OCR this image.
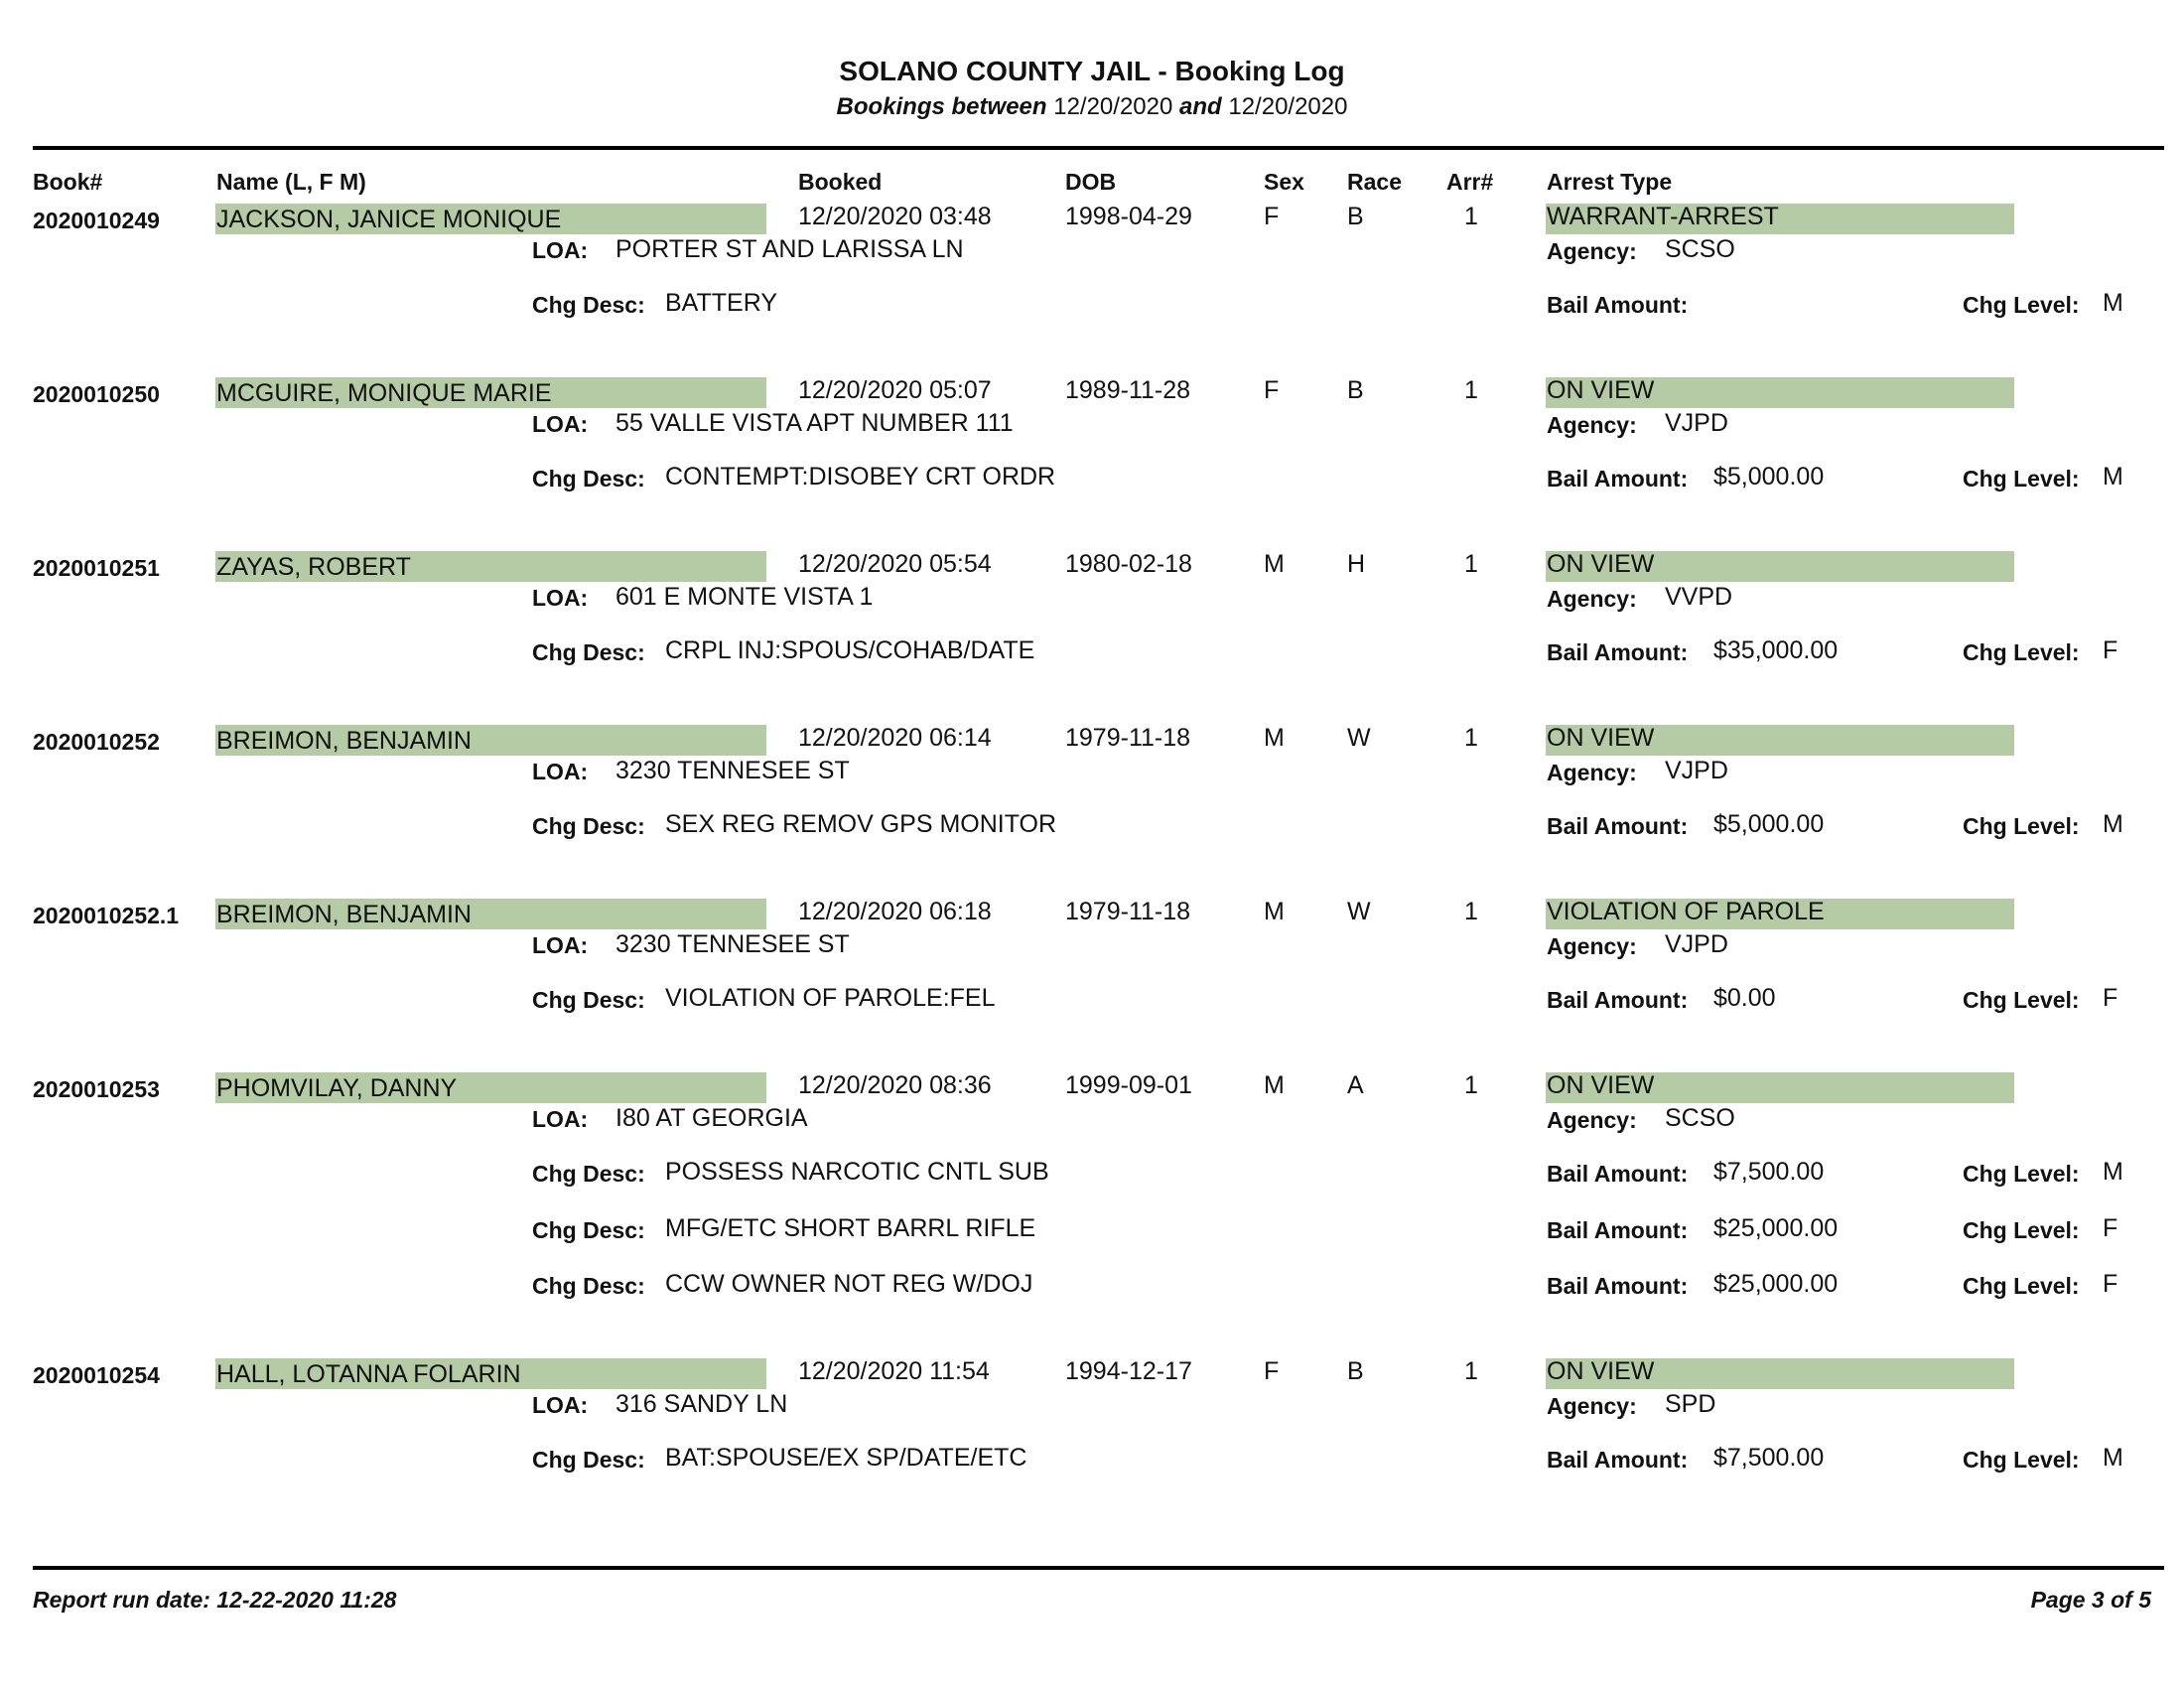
SOLANO COUNTY JAIL - Booking Log
Bookings between 12/20/2020 and 12/20/2020
Book#	Name (L, F M)	Booked	DOB	Sex Race Arr# Arrest Type
2020010249 JACKSON, JANICE MONIQUE	12/20/2020 03:48	1998-04-29	F	B	1	WARRANT-ARREST
LOA: PORTER ST AND LARISSA LN	Agency: SCSO
Chg Desc: BATTERY	Bail Amount:	Chg Level: M
2020010250 MCGUIRE, MONIQUE MARIE	12/20/2020 05:07	1989-11-28	F	B	1	ON VIEW
LOA: 55 VALLE VISTA APT NUMBER 111	Agency: VJPD
Chg Desc: CONTEMPT:DISOBEY CRT ORDR	Bail Amount: $5,000.00	Chg Level: M
2020010251 ZAYAS, ROBERT	12/20/2020 05:54	1980-02-18	M	H	1	ON VIEW
LOA: 601 E MONTE VISTA 1	Agency: VVPD
Chg Desc: CRPL INJ:SPOUS/COHAB/DATE	Bail Amount: $35,000.00	Chg Level: F
2020010252 BREIMON, BENJAMIN	12/20/2020 06:14	1979-11-18	M	W	1	ON VIEW
LOA: 3230 TENNESEE ST	Agency: VJPD
Chg Desc: SEX REG REMOV GPS MONITOR	Bail Amount: $5,000.00	Chg Level: M
2020010252.1 BREIMON, BENJAMIN	12/20/2020 06:18	1979-11-18	M	W	1	VIOLATION OF PAROLE
LOA: 3230 TENNESEE ST	Agency: VJPD
Chg Desc: VIOLATION OF PAROLE:FEL	Bail Amount: $0.00	Chg Level: F
2020010253 PHOMVILAY, DANNY	12/20/2020 08:36	1999-09-01	M	A	1	ON VIEW
LOA: I80 AT GEORGIA	Agency: SCSO
Chg Desc: POSSESS NARCOTIC CNTL SUB	Bail Amount: $7,500.00	Chg Level: M
Chg Desc: MFG/ETC SHORT BARRL RIFLE	Bail Amount: $25,000.00	Chg Level: F
Chg Desc: CCW OWNER NOT REG W/DOJ	Bail Amount: $25,000.00	Chg Level: F
2020010254 HALL, LOTANNA FOLARIN	12/20/2020 11:54	1994-12-17	F	B	1	ON VIEW
LOA: 316 SANDY LN	Agency: SPD
Chg Desc: BAT:SPOUSE/EX SP/DATE/ETC	Bail Amount: $7,500.00	Chg Level: M
Report run date: 12-22-2020 11:28	Page 3 of 5
